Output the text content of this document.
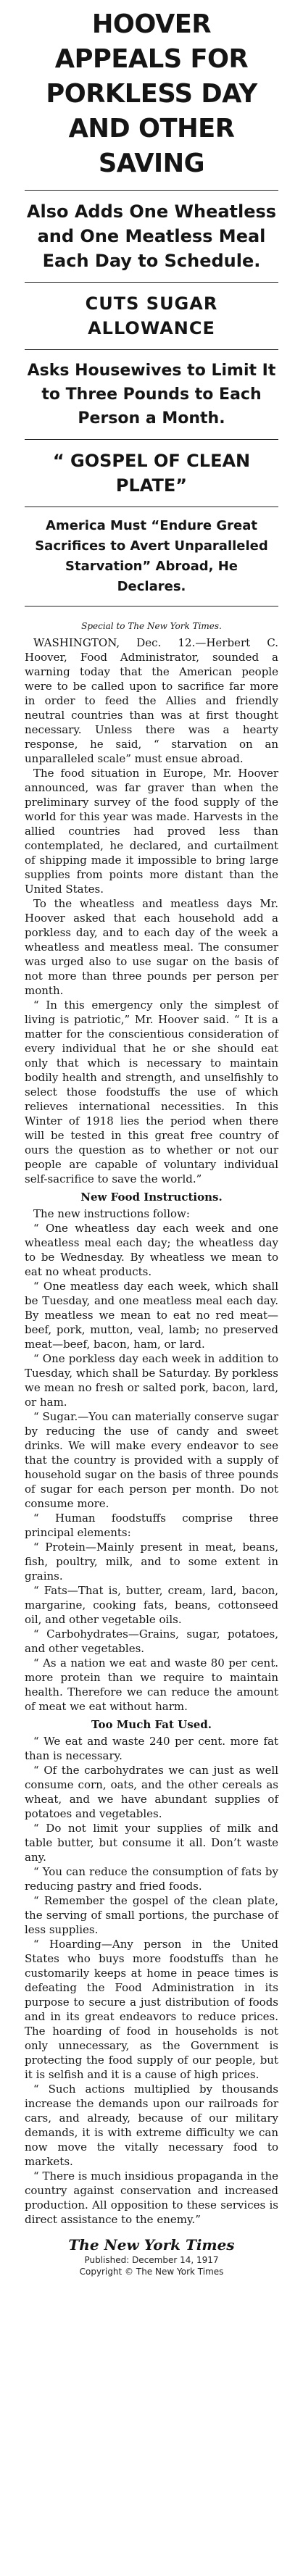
HOOVER APPEALS FOR PORKLESS DAY AND OTHER SAVING
Also Adds One Wheatless and One Meatless Meal Each Day to Schedule.
CUTS SUGAR ALLOWANCE
Asks Housewives to Limit It to Three Pounds to Each Person a Month.
“ GOSPEL OF CLEAN PLATE”
America Must “Endure Great Sacrifices to Avert Unparalleled Starvation” Abroad, He Declares.
Special to The New York Times.

WASHINGTON, Dec. 12.—Herbert C. Hoover, Food Administrator, sounded a warning today that the American people were to be called upon to sacrifice far more in order to feed the Allies and friendly neutral countries than was at first thought necessary. Unless there was a hearty response, he said, “ starvation on an unparalleled scale” must ensue abroad.

The food situation in Europe, Mr. Hoover announced, was far graver than when the preliminary survey of the food supply of the world for this year was made. Harvests in the allied countries had proved less than contemplated, he declared, and curtailment of shipping made it impossible to bring large supplies from points more distant than the United States.

To the wheatless and meatless days Mr. Hoover asked that each household add a porkless day, and to each day of the week a wheatless and meatless meal. The consumer was urged also to use sugar on the basis of not more than three pounds per person per month.

“ In this emergency only the simplest of living is patriotic,” Mr. Hoover said. “ It is a matter for the conscientious consideration of every individual that he or she should eat only that which is necessary to maintain bodily health and strength, and unselfishly to select those foodstuffs the use of which relieves international necessities. In this Winter of 1918 lies the period when there will be tested in this great free country of ours the question as to whether or not our people are capable of voluntary individual self-sacrifice to save the world.”

New Food Instructions.

The new instructions follow:

“ One wheatless day each week and one wheatless meal each day; the wheatless day to be Wednesday. By wheatless we mean to eat no wheat products.

“ One meatless day each week, which shall be Tuesday, and one meatless meal each day. By meatless we mean to eat no red meat—beef, pork, mutton, veal, lamb; no preserved meat—beef, bacon, ham, or lard.

“ One porkless day each week in addition to Tuesday, which shall be Saturday. By porkless we mean no fresh or salted pork, bacon, lard, or ham.

“ Sugar.—You can materially conserve sugar by reducing the use of candy and sweet drinks. We will make every endeavor to see that the country is provided with a supply of household sugar on the basis of three pounds of sugar for each person per month. Do not consume more.

“ Human foodstuffs comprise three principal elements:

“ Protein—Mainly present in meat, beans, fish, poultry, milk, and to some extent in grains.

“ Fats—That is, butter, cream, lard, bacon, margarine, cooking fats, beans, cottonseed oil, and other vegetable oils.

“ Carbohydrates—Grains, sugar, potatoes, and other vegetables.

“ As a nation we eat and waste 80 per cent. more protein than we require to maintain health. Therefore we can reduce the amount of meat we eat without harm.

Too Much Fat Used.

“ We eat and waste 240 per cent. more fat than is necessary.

“ Of the carbohydrates we can just as well consume corn, oats, and the other cereals as wheat, and we have abundant supplies of potatoes and vegetables.

“ Do not limit your supplies of milk and table butter, but consume it all. Don’t waste any.

“ You can reduce the consumption of fats by reducing pastry and fried foods.

“ Remember the gospel of the clean plate, the serving of small portions, the purchase of less supplies.

“ Hoarding—Any person in the United States who buys more foodstuffs than he customarily keeps at home in peace times is defeating the Food Administration in its purpose to secure a just distribution of foods and in its great endeavors to reduce prices. The hoarding of food in households is not only unnecessary, as the Government is protecting the food supply of our people, but it is selfish and it is a cause of high prices.

“ Such actions multiplied by thousands increase the demands upon our railroads for cars, and already, because of our military demands, it is with extreme difficulty we can now move the vitally necessary food to markets.

“ There is much insidious propaganda in the country against conservation and increased production. All opposition to these services is direct assistance to the enemy.”

The New York Times
Published: December 14, 1917
Copyright © The New York Times
